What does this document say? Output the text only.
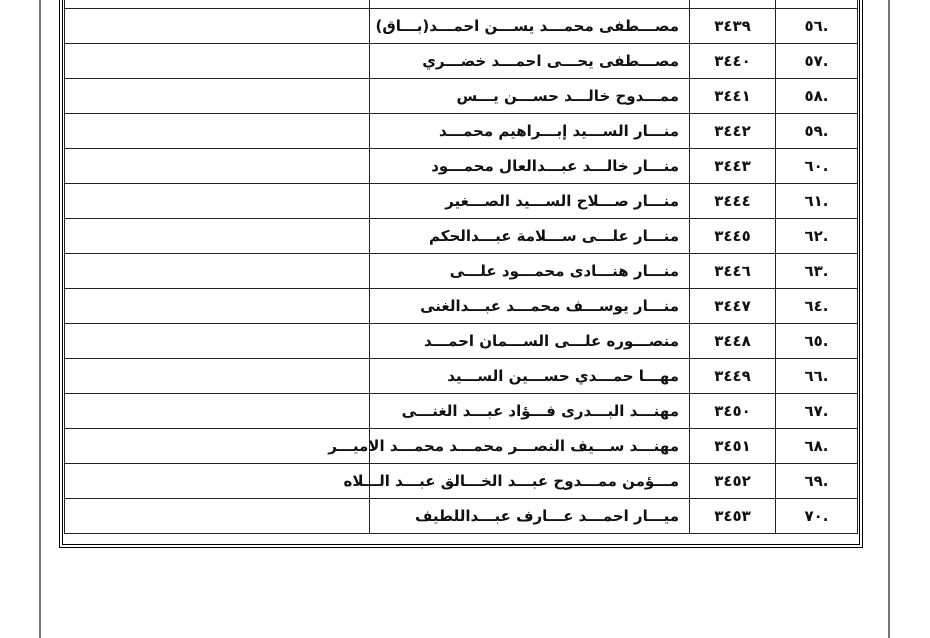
.٥٦	٣٤٣٩	مصـــطفى محمـــد يســـن احمـــد(بـــاق)	
.٥٧	٣٤٤٠	مصـــطفى يحـــى احمـــد خضـــري	
.٥٨	٣٤٤١	ممـــدوح خالـــد حســـن يـــس	
.٥٩	٣٤٤٢	منـــار الســـيد إبـــراهيم محمـــد	
.٦٠	٣٤٤٣	منـــار خالـــد عبـــدالعال محمـــود	
.٦١	٣٤٤٤	منـــار صـــلاح الســـيد الصـــغير	
.٦٢	٣٤٤٥	منـــار علـــى ســـلامة عبـــدالحكم	
.٦٣	٣٤٤٦	منـــار هنـــادى محمـــود علـــى	
.٦٤	٣٤٤٧	منـــار يوســـف محمـــد عبـــدالغنى	
.٦٥	٣٤٤٨	منصـــوره علـــى الســـمان احمـــد	
.٦٦	٣٤٤٩	مهـــا حمـــدي حســـين الســـيد	
.٦٧	٣٤٥٠	مهنـــد البـــدرى فـــؤاد عبـــد الغنـــى	
.٦٨	٣٤٥١	مهنـــد ســـيف النصـــر محمـــد محمـــد الاميـــر	
.٦٩	٣٤٥٢	مـــؤمن ممـــدوح عبـــد الخـــالق عبـــد الـــلاه	
.٧٠	٣٤٥٣	ميـــار احمـــد عـــارف عبـــداللطيف	
